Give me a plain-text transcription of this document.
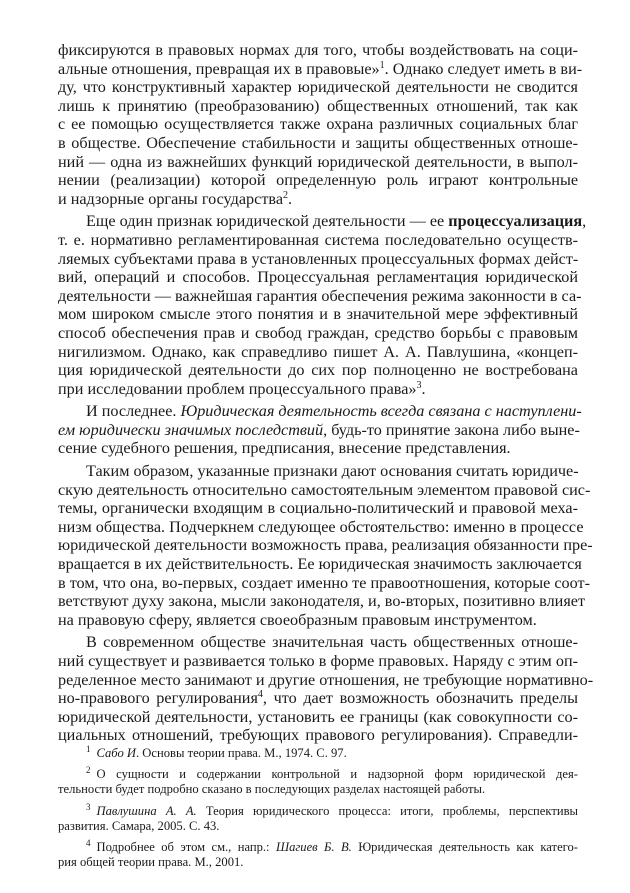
фиксируются в правовых нормах для того, чтобы воздействовать на соци-
альные отношения, превращая их в правовые»$^1$. Однако следует иметь в ви-
ду, что конструктивный характер юридической деятельности не сводится
лишь к принятию (преобразованию) общественных отношений, так как
с ее помощью осуществляется также охрана различных социальных благ
в обществе. Обеспечение стабильности и защиты общественных отноше-
ний — одна из важнейших функций юридической деятельности, в выпол-
нении (реализации) которой определенную роль играют контрольные
и надзорные органы государства$^2$.
Еще один признак юридической деятельности — ее процессуализация,
т. е. нормативно регламентированная система последовательно осуществ-
ляемых субъектами права в установленных процессуальных формах дейст-
вий, операций и способов. Процессуальная регламентация юридической
деятельности — важнейшая гарантия обеспечения режима законности в са-
мом широком смысле этого понятия и в значительной мере эффективный
способ обеспечения прав и свобод граждан, средство борьбы с правовым
нигилизмом. Однако, как справедливо пишет А. А. Павлушина, «концеп-
ция юридической деятельности до сих пор полноценно не востребована
при исследовании проблем процессуального права»$^3$.
И последнее. Юридическая деятельность всегда связана с наступлени-
ем юридически значимых последствий, будь-то принятие закона либо выне-
сение судебного решения, предписания, внесение представления.
Таким образом, указанные признаки дают основания считать юридиче-
скую деятельность относительно самостоятельным элементом правовой сис-
темы, органически входящим в социально-политический и правовой меха-
низм общества. Подчеркнем следующее обстоятельство: именно в процессе
юридической деятельности возможность права, реализация обязанности пре-
вращается в их действительность. Ее юридическая значимость заключается
в том, что она, во-первых, создает именно те правоотношения, которые соот-
ветствуют духу закона, мысли законодателя, и, во-вторых, позитивно влияет
на правовую сферу, является своеобразным правовым инструментом.
В современном обществе значительная часть общественных отноше-
ний существует и развивается только в форме правовых. Наряду с этим оп-
ределенное место занимают и другие отношения, не требующие нормативно-
но-правового регулирования$^4$, что дает возможность обозначить пределы
юридической деятельности, установить ее границы (как совокупности со-
циальных отношений, требующих правового регулирования). Справедли-
$^1$ Сабо И. Основы теории права. М., 1974. С. 97.
$^2$ О сущности и содержании контрольной и надзорной форм юридической дея-
тельности будет подробно сказано в последующих разделах настоящей работы.
$^3$ Павлушина А. А. Теория юридического процесса: итоги, проблемы, перспективы
развития. Самара, 2005. С. 43.
$^4$ Подробнее об этом см., напр.: Шагиев Б. В. Юридическая деятельность как катего-
рия общей теории права. М., 2001.
